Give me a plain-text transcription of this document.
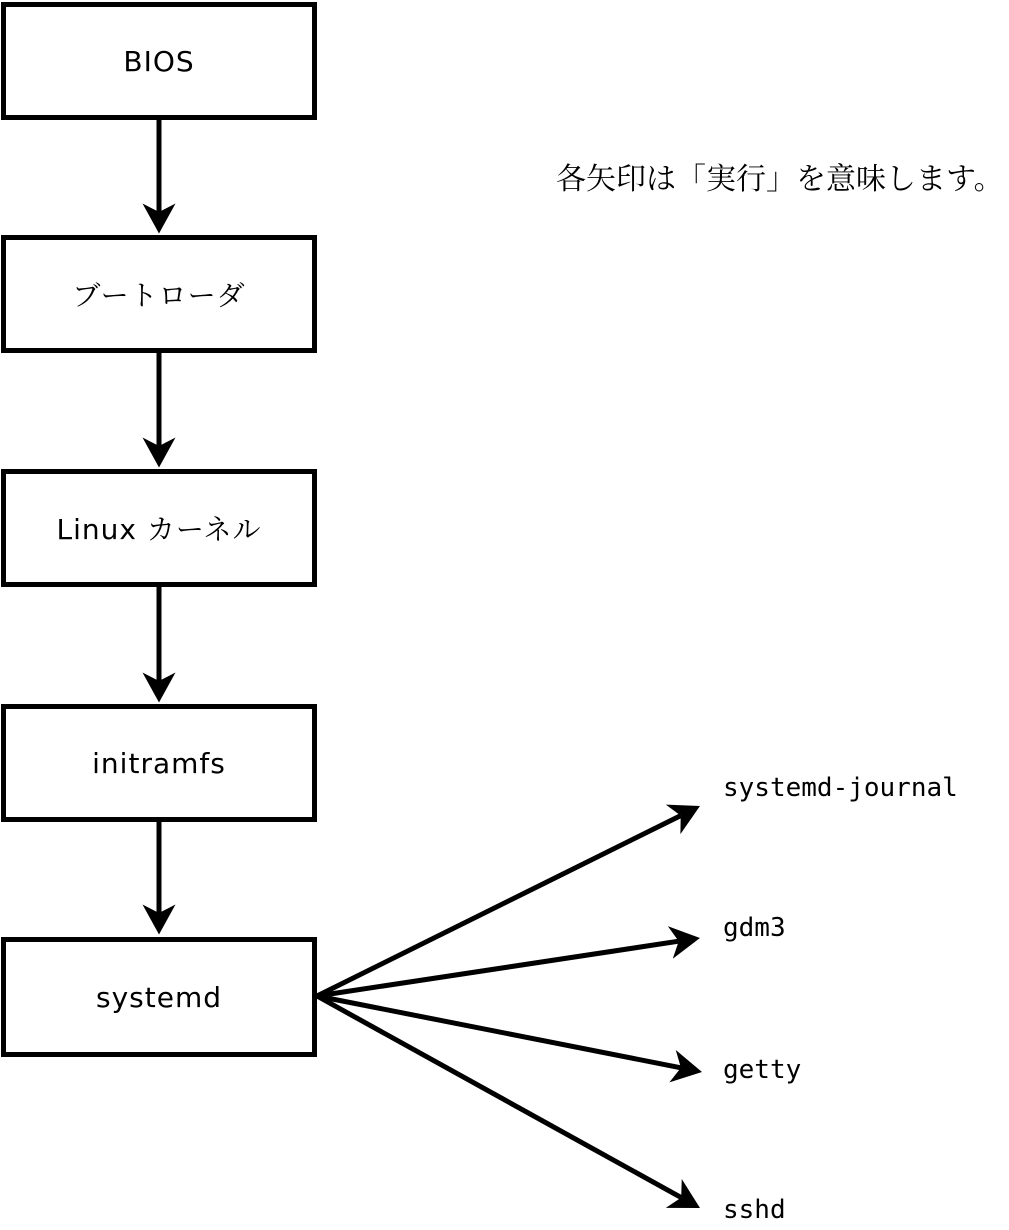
BIOS
ブートローダ
Linux カーネル
initramfs
systemd
各矢印は「実行」を意味します。
systemd-journal
gdm3
getty
sshd
